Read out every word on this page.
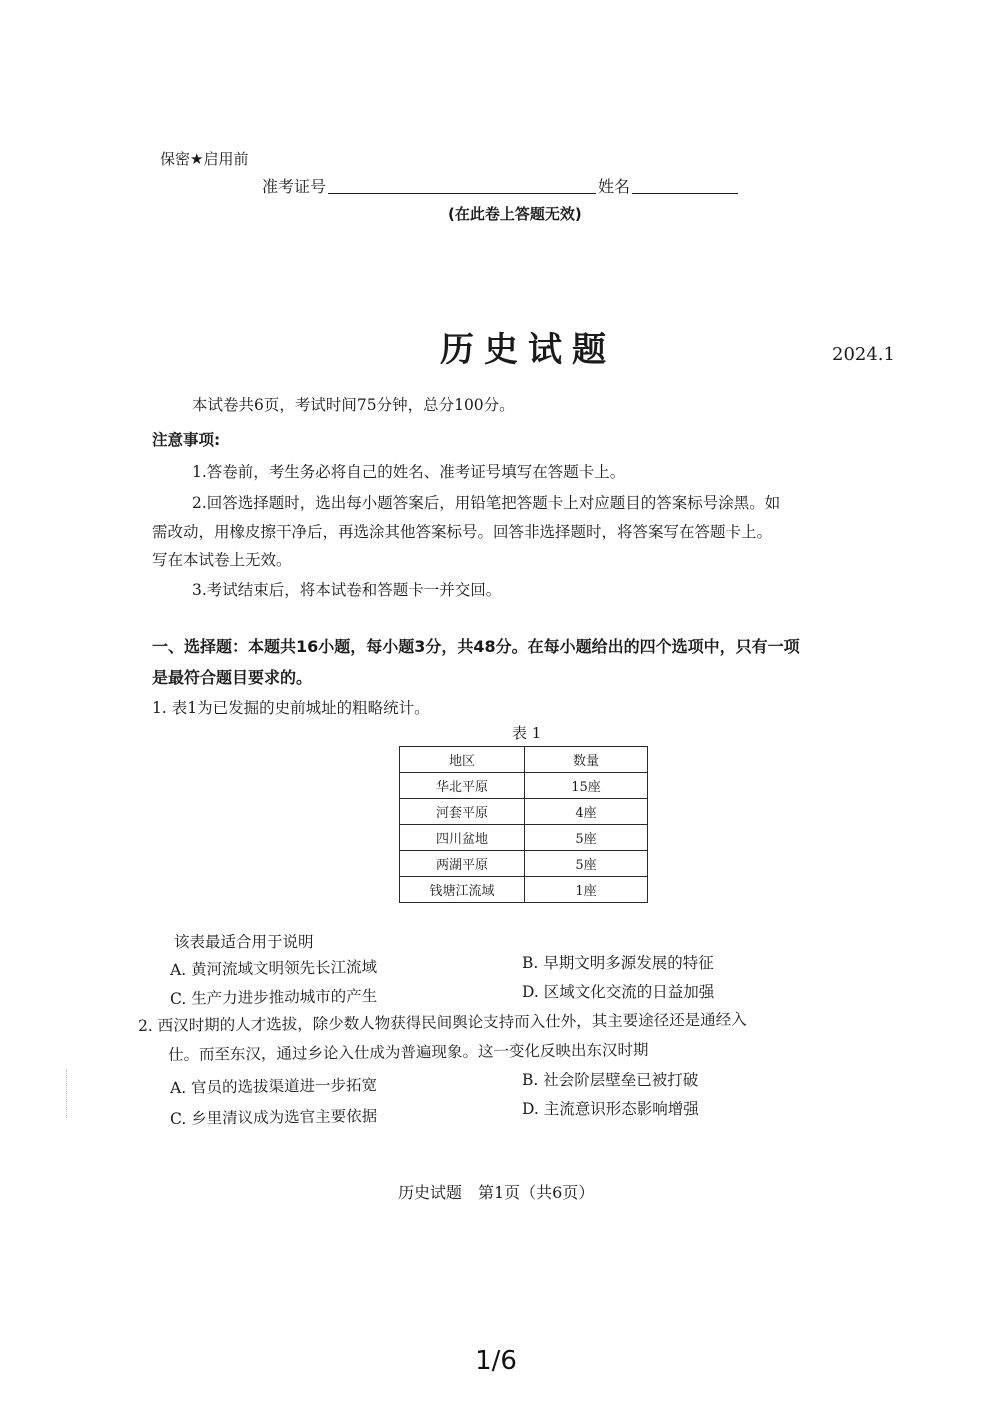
保密★启用前
准考证号	姓名
(在此卷上答题无效)
历史试题	2024.1
本试卷共6页，考试时间75分钟，总分100分。
注意事项:
1.答卷前，考生务必将自己的姓名、准考证号填写在答题卡上。
2.回答选择题时，选出每小题答案后，用铅笔把答题卡上对应题目的答案标号涂黑。如
需改动，用橡皮擦干净后，再选涂其他答案标号。回答非选择题时，将答案写在答题卡上。
写在本试卷上无效。
3.考试结束后，将本试卷和答题卡一并交回。
一、选择题：本题共16小题，每小题3分，共48分。在每小题给出的四个选项中，只有一项
是最符合题目要求的。
1. 表1为已发掘的史前城址的粗略统计。
表 1
地区	数量
华北平原	15座
河套平原	4座
四川盆地	5座
两湖平原	5座
钱塘江流域	1座
该表最适合用于说明
A. 黄河流域文明领先长江流域	B. 早期文明多源发展的特征
C. 生产力进步推动城市的产生	D. 区域文化交流的日益加强
2. 西汉时期的人才选拔，除少数人物获得民间舆论支持而入仕外，其主要途径还是通经入
仕。而至东汉，通过乡论入仕成为普遍现象。这一变化反映出东汉时期
A. 官员的选拔渠道进一步拓宽	B. 社会阶层壁垒已被打破
C. 乡里清议成为选官主要依据	D. 主流意识形态影响增强
历史试题　第1页（共6页）
1/6
